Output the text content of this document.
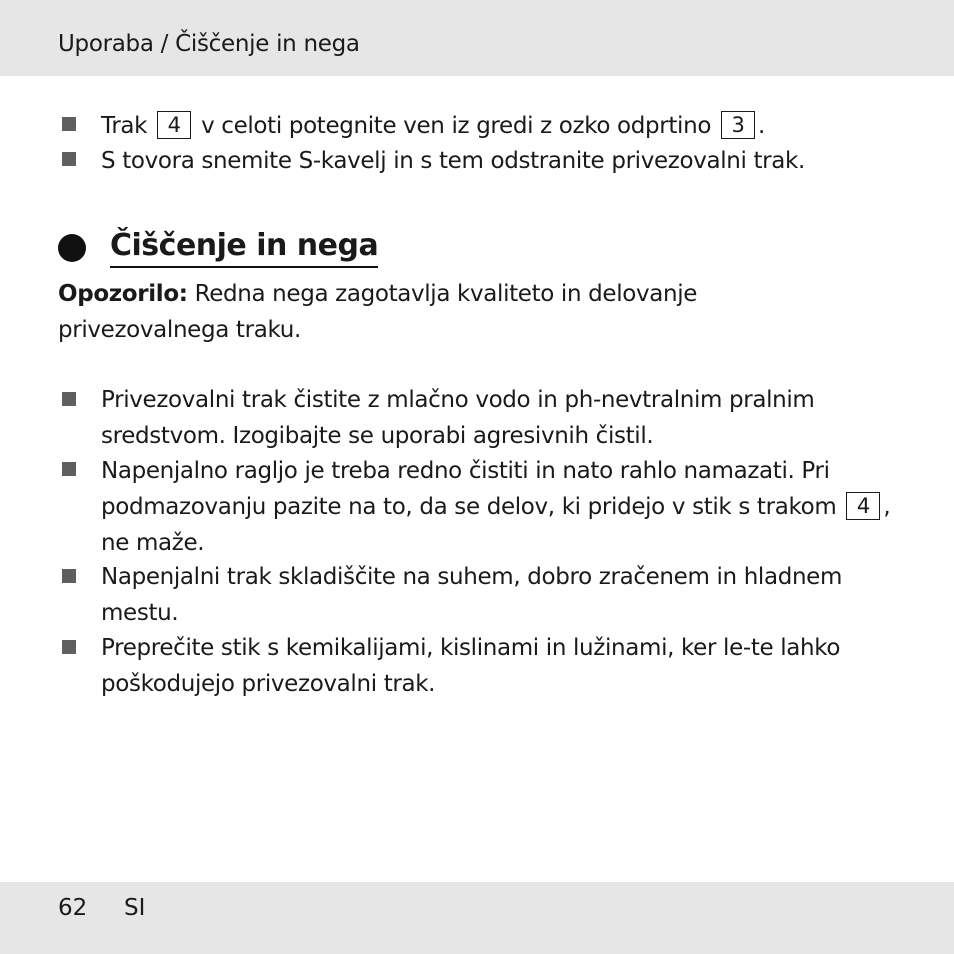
Uporaba / Čiščenje in nega
Trak 4 v celoti potegnite ven iz gredi z ozko odprtino 3 .
S tovora snemite S-kavelj in s tem odstranite privezovalni trak.
Čiščenje in nega
Opozorilo: Redna nega zagotavlja kvaliteto in delovanje
privezovalnega traku.
Privezovalni trak čistite z mlačno vodo in ph-nevtralnim pralnim
sredstvom. Izogibajte se uporabi agresivnih čistil.
Napenjalno ragljo je treba redno čistiti in nato rahlo namazati. Pri
podmazovanju pazite na to, da se delov, ki pridejo v stik s trakom 4 ,
ne maže.
Napenjalni trak skladiščite na suhem, dobro zračenem in hladnem
mestu.
Preprečite stik s kemikalijami, kislinami in lužinami, ker le-te lahko
poškodujejo privezovalni trak.
62 SI
